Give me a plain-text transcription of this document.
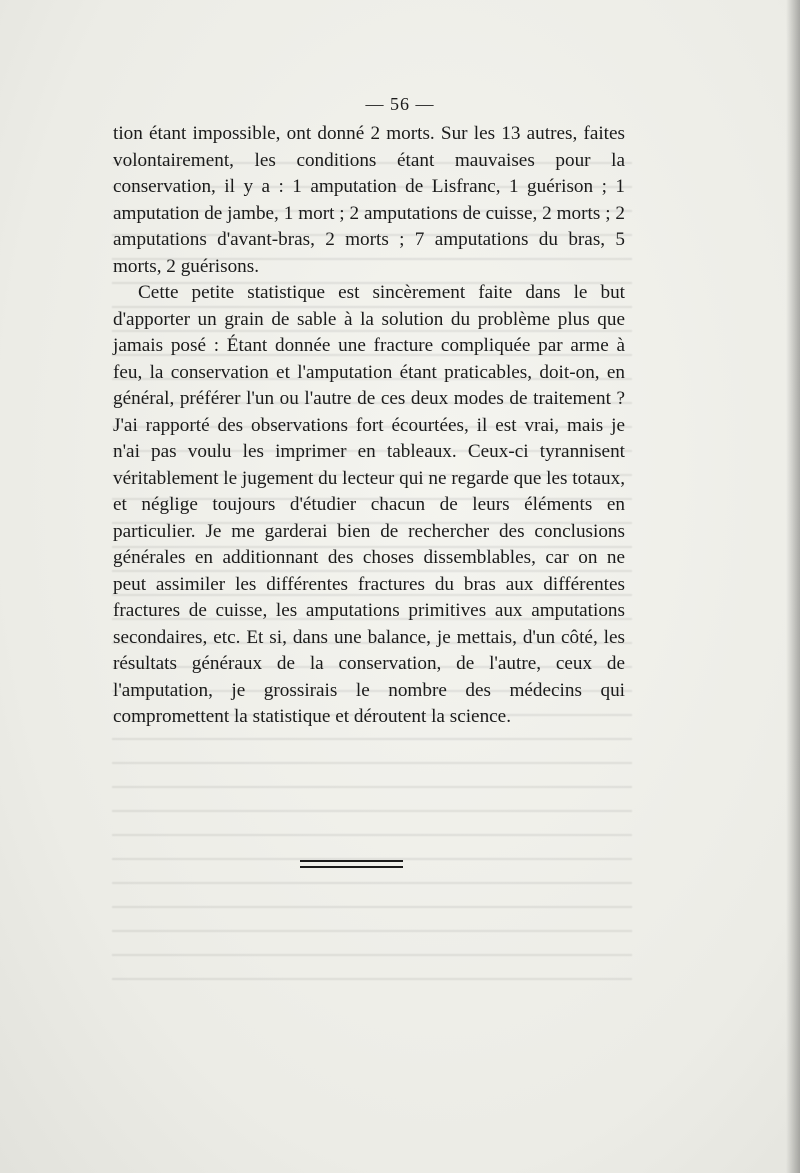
— 56 —

tion étant impossible, ont donné 2 morts. Sur les 13 autres, faites volontairement, les conditions étant mauvaises pour la conservation, il y a : 1 amputation de Lisfranc, 1 guérison ; 1 amputation de jambe, 1 mort ; 2 amputations de cuisse, 2 morts ; 2 amputations d'avant-bras, 2 morts ; 7 amputations du bras, 5 morts, 2 guérisons.

Cette petite statistique est sincèrement faite dans le but d'apporter un grain de sable à la solution du problème plus que jamais posé : Étant donnée une fracture compliquée par arme à feu, la conservation et l'amputation étant praticables, doit-on, en général, préférer l'un ou l'autre de ces deux modes de traitement ? J'ai rapporté des observations fort écourtées, il est vrai, mais je n'ai pas voulu les imprimer en tableaux. Ceux-ci tyrannisent véritablement le jugement du lecteur qui ne regarde que les totaux, et néglige toujours d'étudier chacun de leurs éléments en particulier. Je me garderai bien de rechercher des conclusions générales en additionnant des choses dissemblables, car on ne peut assimiler les différentes fractures du bras aux différentes fractures de cuisse, les amputations primitives aux amputations secondaires, etc. Et si, dans une balance, je mettais, d'un côté, les résultats généraux de la conservation, de l'autre, ceux de l'amputation, je grossirais le nombre des médecins qui compromettent la statistique et déroutent la science.
